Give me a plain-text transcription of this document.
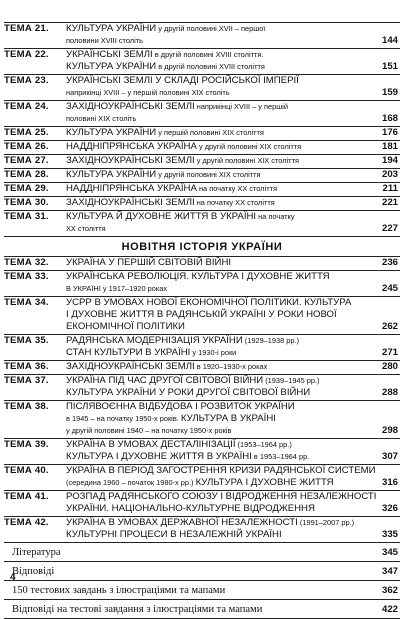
ТЕМА 21.	КУЛЬТУРА УКРАЇНИ у другій половині XVII – першої
половини XVIII століть	144
ТЕМА 22.	УКРАЇНСЬКІ ЗЕМЛІ в другій половині XVIII століття.
КУЛЬТУРА УКРАЇНИ в другій половині XVIII століття	151
ТЕМА 23.	УКРАЇНСЬКІ ЗЕМЛІ У СКЛАДІ РОСІЙСЬКОЇ ІМПЕРІЇ
наприкінці XVIII – у першій половині XIX століть	159
ТЕМА 24.	ЗАХІДНОУКРАЇНСЬКІ ЗЕМЛІ наприкінці XVIII – у першій
половині XIX століть	168
ТЕМА 25.	КУЛЬТУРА УКРАЇНИ у першій половині XIX століття	176
ТЕМА 26.	НАДДНІПРЯНСЬКА УКРАЇНА у другій половині XIX століття	181
ТЕМА 27.	ЗАХІДНОУКРАЇНСЬКІ ЗЕМЛІ у другій половині XIX століття	194
ТЕМА 28.	КУЛЬТУРА УКРАЇНИ у другій половині XIX століття	203
ТЕМА 29.	НАДДНІПРЯНСЬКА УКРАЇНА на початку XX століття	211
ТЕМА 30.	ЗАХІДНОУКРАЇНСЬКІ ЗЕМЛІ на початку XX століття	221
ТЕМА 31.	КУЛЬТУРА Й ДУХОВНЕ ЖИТТЯ В УКРАЇНІ на початку
XX століття	227
НОВІТНЯ ІСТОРІЯ УКРАЇНИ
ТЕМА 32.	УКРАЇНА У ПЕРШІЙ СВІТОВІЙ ВІЙНІ	236
ТЕМА 33.	УКРАЇНСЬКА РЕВОЛЮЦІЯ. КУЛЬТУРА І ДУХОВНЕ ЖИТТЯ
В УКРАЇНІ у 1917–1920 роках	245
ТЕМА 34.	УСРР В УМОВАХ НОВОЇ ЕКОНОМІЧНОЇ ПОЛІТИКИ. КУЛЬТУРА
І ДУХОВНЕ ЖИТТЯ В РАДЯНСЬКІЙ УКРАЇНІ У РОКИ НОВОЇ
ЕКОНОМІЧНОЇ ПОЛІТИКИ	262
ТЕМА 35.	РАДЯНСЬКА МОДЕРНІЗАЦІЯ УКРАЇНИ (1929–1938 рр.)
СТАН КУЛЬТУРИ В УКРАЇНІ у 1930-і роки	271
ТЕМА 36.	ЗАХІДНОУКРАЇНСЬКІ ЗЕМЛІ в 1920–1930-х роках	280
ТЕМА 37.	УКРАЇНА ПІД ЧАС ДРУГОЇ СВІТОВОЇ ВІЙНИ (1939–1945 рр.)
КУЛЬТУРА УКРАЇНИ У РОКИ ДРУГОЇ СВІТОВОЇ ВІЙНИ	288
ТЕМА 38.	ПІСЛЯВОЄННА ВІДБУДОВА І РОЗВИТОК УКРАЇНИ
в 1945 – на початку 1950-х років. КУЛЬТУРА В УКРАЇНІ
у другій половині 1940 – на початку 1950-х років	298
ТЕМА 39.	УКРАЇНА В УМОВАХ ДЕСТАЛІНІЗАЦІЇ (1953–1964 рр.)
КУЛЬТУРА І ДУХОВНЕ ЖИТТЯ В УКРАЇНІ в 1953–1964 рр.	307
ТЕМА 40.	УКРАЇНА В ПЕРІОД ЗАГОСТРЕННЯ КРИЗИ РАДЯНСЬКОЇ СИСТЕМИ
(середина 1960 – початок 1980-х рр.) КУЛЬТУРА І ДУХОВНЕ ЖИТТЯ	316
ТЕМА 41.	РОЗПАД РАДЯНСЬКОГО СОЮЗУ І ВІДРОДЖЕННЯ НЕЗАЛЕЖНОСТІ
УКРАЇНИ. НАЦІОНАЛЬНО-КУЛЬТУРНЕ ВІДРОДЖЕННЯ	326
ТЕМА 42.	УКРАЇНА В УМОВАХ ДЕРЖАВНОЇ НЕЗАЛЕЖНОСТІ (1991–2007 рр.)
КУЛЬТУРНІ ПРОЦЕСИ В НЕЗАЛЕЖНІЙ УКРАЇНІ	335
Література	345
Відповіді	347
150 тестових завдань з ілюстраціями та мапами	362
Відповіді на тестові завдання з ілюстраціями та мапами	422
4
